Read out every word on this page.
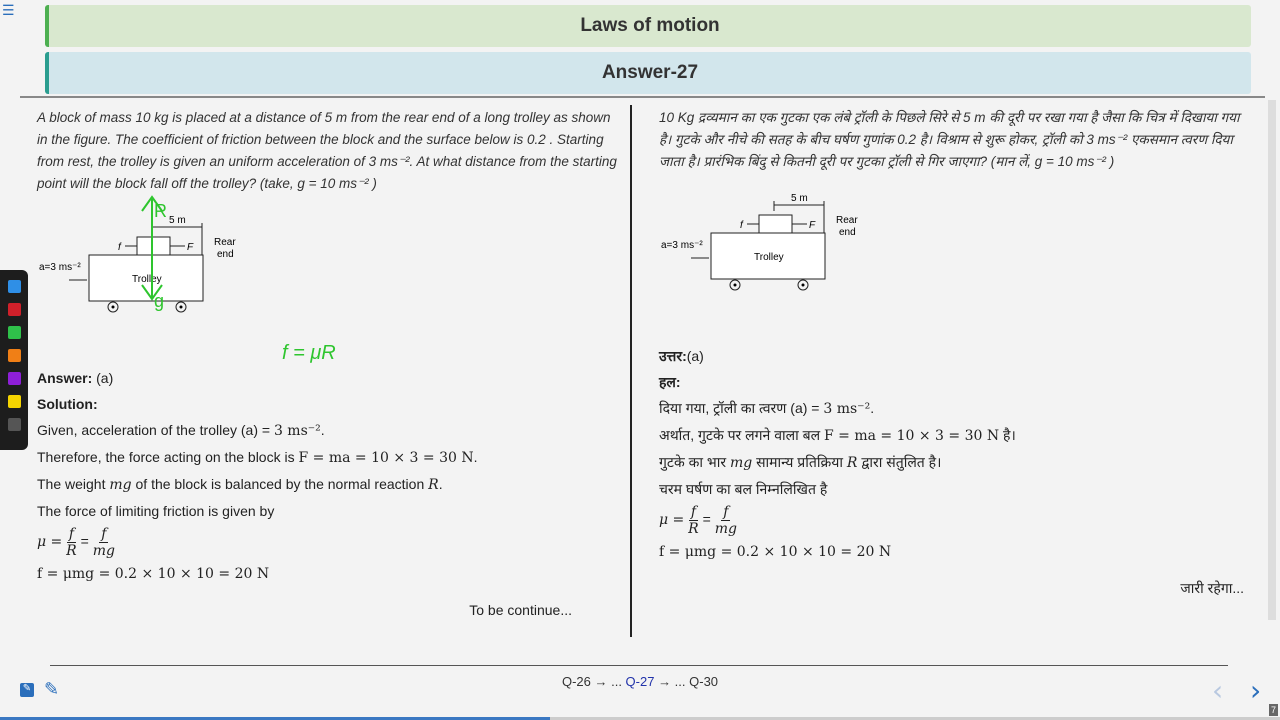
☰
Laws of motion
Answer-27

A block of mass 10 kg is placed at a distance of 5 m from the rear end of a long trolley as shown in the figure. The coefficient of friction between the block and the surface below is 0.2 . Starting from rest, the trolley is given an uniform acceleration of 3 ms⁻². At what distance from the starting point will the block fall off the trolley? (take, g = 10 ms⁻² )

R
g
f = μR
5 m
f	F Rear
end
Trolley
a=3 ms⁻²

Answer: (a)

Solution:

Given, acceleration of the trolley (a) = 3 ms⁻².

Therefore, the force acting on the block is F = ma = 10 × 3 = 30 N.

The weight mg of the block is balanced by the normal reaction R.

The force of limiting friction is given by

$\mu = \frac{f}{R} = \frac{f}{mg}$

f = μmg = 0.2 × 10 × 10 = 20 N

To be continue...

10 Kg द्रव्यमान का एक गुटका एक लंबे ट्रॉली के पिछले सिरे से 5 m की दूरी पर रखा गया है जैसा कि चित्र में दिखाया गया है। गुटके और नीचे की सतह के बीच घर्षण गुणांक 0.2 है। विश्राम से शुरू होकर, ट्रॉली को 3 ms⁻² एकसमान त्वरण दिया जाता है। प्रारंभिक बिंदु से कितनी दूरी पर गुटका ट्रॉली से गिर जाएगा? (मान लें, g = 10 ms⁻² )

5 m
f	F Rear
end
Trolley
a=3 ms⁻²

उत्तर:(a)

हल:

दिया गया, ट्रॉली का त्वरण (a) = 3 ms⁻².

अर्थात, गुटके पर लगने वाला बल F = ma = 10 × 3 = 30 N है।

गुटके का भार mg सामान्य प्रतिक्रिया R द्वारा संतुलित है।

चरम घर्षण का बल निम्नलिखित है

$\mu = \frac{f}{R} = \frac{f}{mg}$

f = μmg = 0.2 × 10 × 10 = 20 N

जारी रहेगा...

✎ ✎	Q-26 → ... Q-27 → ... Q-30	‹ ›
7
